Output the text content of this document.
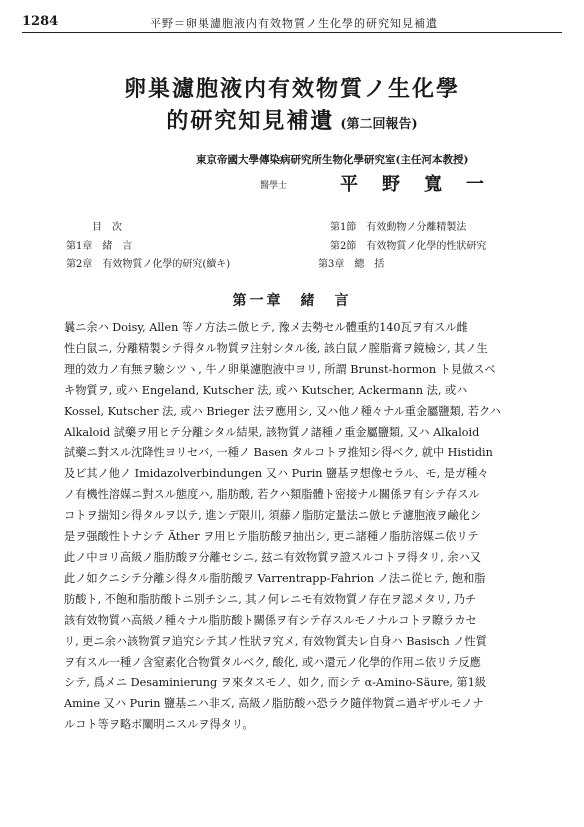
1284	平野＝卵巣濾胞液内有效物質ノ生化學的研究知見補遺
卵巣濾胞液内有效物質ノ生化學
的研究知見補遺 (第二回報告)
東京帝國大學傳染病研究所生物化學研究室(主任河本教授)
醫學士	平野寬一
目　次
第1章　緒　言
第2章　有效物質ノ化學的研究(續キ)
第1節　有效動物ノ分離精製法
第2節　有效物質ノ化學的性狀研究
第3章　總　括
第一章　緒　言
曩ニ余ハ Doisy, Allen 等ノ方法ニ倣ヒテ, 豫メ去勢セル體重約140瓦ヲ有スル雌
性白鼠ニ, 分離精製シテ得タル物質ヲ注射シタル後, 該白鼠ノ膣脂膏ヲ鏡檢シ, 其ノ生
理的效力ノ有無ヲ驗シツヽ, 牛ノ卵巣濾胞液中ヨリ, 所謂 Brunst-hormon ト見做スベ
キ物質ヲ, 或ハ Engeland, Kutscher 法, 或ハ Kutscher, Ackermann 法, 或ハ
Kossel, Kutscher 法, 或ハ Brieger 法ヲ應用シ, 又ハ他ノ種々ナル重金屬鹽類, 若クハ
Alkaloid 試藥ヲ用ヒテ分離シタル結果, 該物質ノ諸種ノ重金屬鹽類, 又ハ Alkaloid
試藥ニ對スル沈降性ヨリセバ, 一種ノ Basen タルコトヲ推知シ得ベク, 就中 Histidin
及ビ其ノ他ノ Imidazolverbindungen 又ハ Purin 鹽基ヲ想像セラル、モ, 是ガ種々
ノ有機性溶媒ニ對スル態度ハ, 脂肪酸, 若クハ類脂體ト密接ナル關係ヲ有シテ存スル
コトヲ揣知シ得タルヲ以テ, 進ンデ限川, 須藤ノ脂肪定量法ニ倣ヒテ濾胞液ヲ鹼化シ
是ヲ强酸性トナシテ Äther ヲ用ヒテ脂肪酸ヲ抽出シ, 更ニ諸種ノ脂肪溶媒ニ依リテ
此ノ中ヨリ高級ノ脂肪酸ヲ分離セシニ, 玆ニ有效物質ヲ證スルコトヲ得タリ, 余ハ又
此ノ如クニシテ分離シ得タル脂肪酸ヲ Varrentrapp-Fahrion ノ法ニ從ヒテ, 飽和脂
肪酸ト, 不飽和脂肪酸トニ別チシニ, 其ノ何レニモ有效物質ノ存在ヲ認メタリ, 乃チ
該有效物質ハ高級ノ種々ナル脂肪酸ト關係ヲ有シテ存スルモノナルコトヲ瞭ラカセ
リ, 更ニ余ハ該物質ヲ追究シテ其ノ性狀ヲ究メ, 有效物質夫レ自身ハ Basisch ノ性質
ヲ有スル一種ノ含窒素化合物質タルベク, 酸化, 或ハ還元ノ化學的作用ニ依リテ反應
シテ, 爲メニ Desaminierung ヲ來タスモノ、如ク, 而シテ α-Amino-Säure, 第1級
Amine 又ハ Purin 鹽基ニハ非ズ, 高級ノ脂肪酸ハ恐ラク隨伴物質ニ過ギザルモノナ
ルコト等ヲ略ボ闡明ニスルヲ得タリ。
